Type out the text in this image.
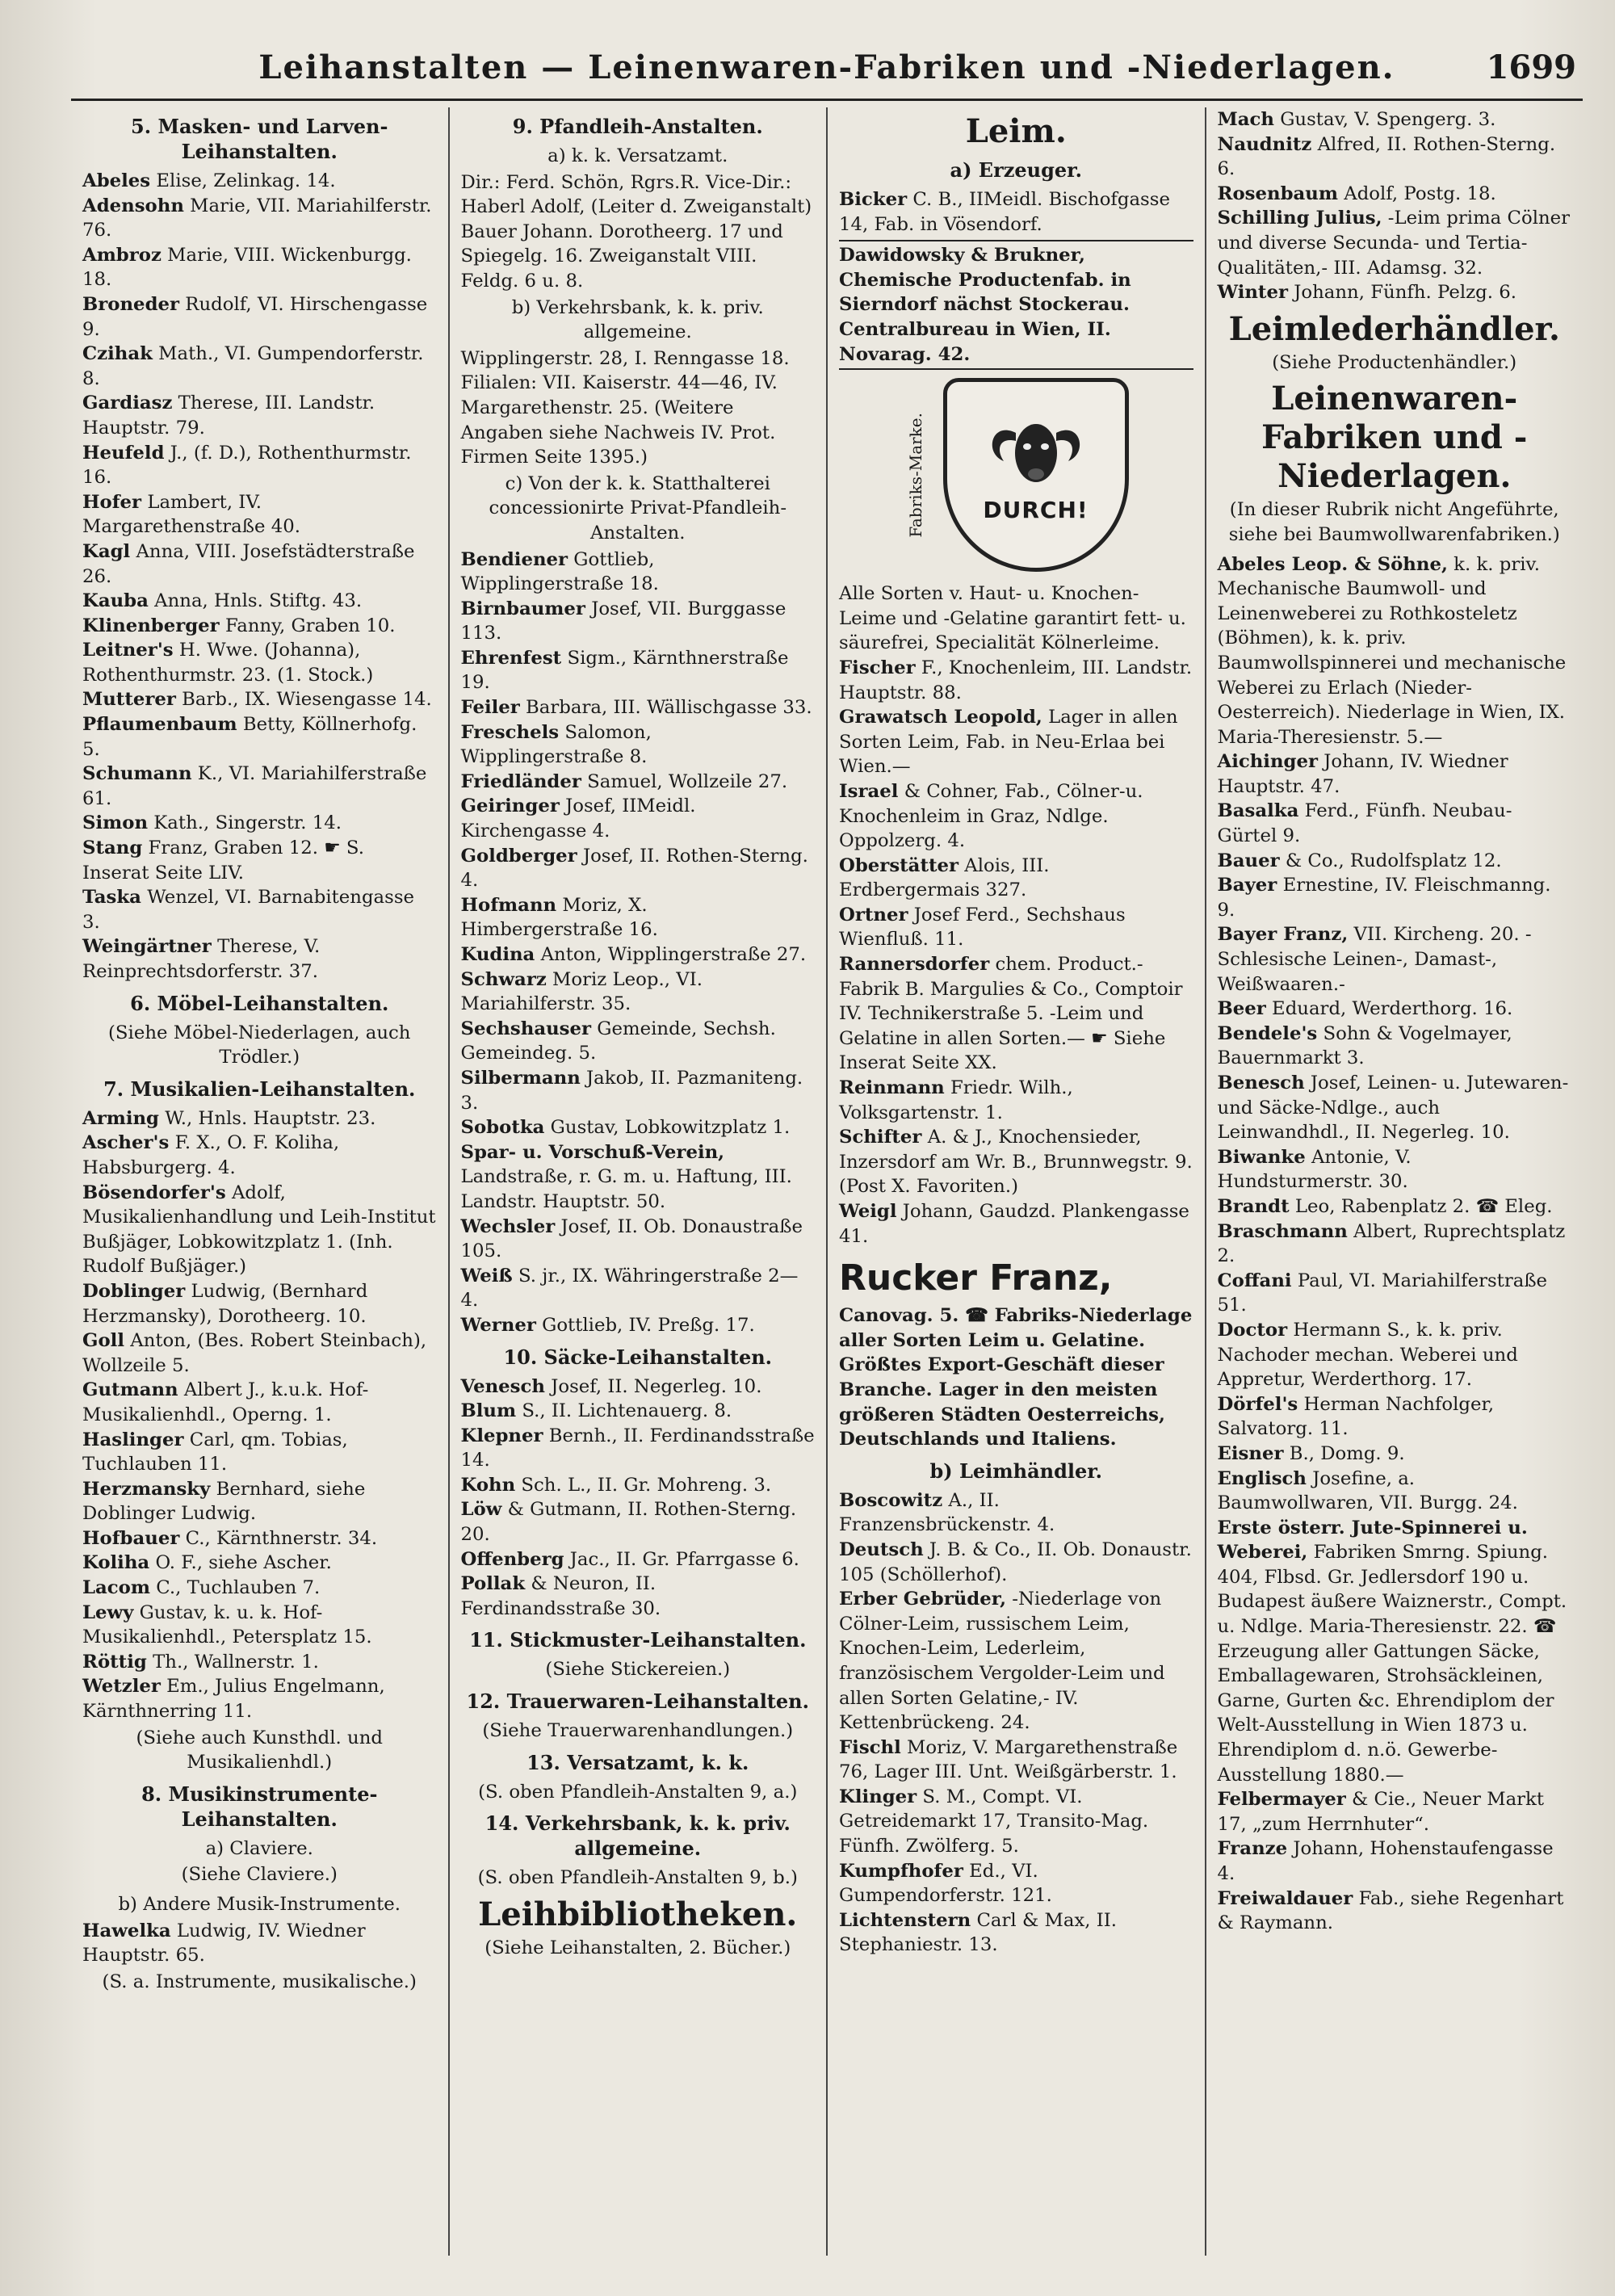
Leihanstalten — Leinenwaren-Fabriken und -Niederlagen.	1699
5. Masken- und Larven-Leihanstalten.
Abeles Elise, Zelinkag. 14.
Adensohn Marie, VII. Mariahilferstr. 76.
Ambroz Marie, VIII. Wickenburgg. 18.
Broneder Rudolf, VI. Hirschengasse 9.
Czihak Math., VI. Gumpendorferstr. 8.
Gardiasz Therese, III. Landstr. Hauptstr. 79.
Heufeld J., (f. D.), Rothenthurmstr. 16.
Hofer Lambert, IV. Margarethenstraße 40.
Kagl Anna, VIII. Josefstädterstraße 26.
Kauba Anna, Hnls. Stiftg. 43.
Klinenberger Fanny, Graben 10.
Leitner's H. Wwe. (Johanna), Rothenthurmstr. 23. (1. Stock.)
Mutterer Barb., IX. Wiesengasse 14.
Pflaumenbaum Betty, Köllnerhofg. 5.
Schumann K., VI. Mariahilferstraße 61.
Simon Kath., Singerstr. 14.
Stang Franz, Graben 12. ☛ S. Inserat Seite LIV.
Taska Wenzel, VI. Barnabitengasse 3.
Weingärtner Therese, V. Reinprechtsdorferstr. 37.
6. Möbel-Leihanstalten.
(Siehe Möbel-Niederlagen, auch Trödler.)
7. Musikalien-Leihanstalten.
Arming W., Hnls. Hauptstr. 23.
Ascher's F. X., O. F. Koliha, Habsburgerg. 4.
Bösendorfer's Adolf, Musikalienhandlung und Leih-Institut Bußjäger, Lobkowitzplatz 1. (Inh. Rudolf Bußjäger.)
Doblinger Ludwig, (Bernhard Herzmansky), Dorotheerg. 10.
Goll Anton, (Bes. Robert Steinbach), Wollzeile 5.
Gutmann Albert J., k.u.k. Hof-Musikalienhdl., Operng. 1.
Haslinger Carl, qm. Tobias, Tuchlauben 11.
Herzmansky Bernhard, siehe Doblinger Ludwig.
Hofbauer C., Kärnthnerstr. 34.
Koliha O. F., siehe Ascher.
Lacom C., Tuchlauben 7.
Lewy Gustav, k. u. k. Hof-Musikalienhdl., Petersplatz 15.
Röttig Th., Wallnerstr. 1.
Wetzler Em., Julius Engelmann, Kärnthnerring 11.
(Siehe auch Kunsthdl. und Musikalienhdl.)
8. Musikinstrumente-Leihanstalten.
a) Claviere.
(Siehe Claviere.)
b) Andere Musik-Instrumente.
Hawelka Ludwig, IV. Wiedner Hauptstr. 65.
(S. a. Instrumente, musikalische.)
9. Pfandleih-Anstalten.
a) k. k. Versatzamt.
Dir.: Ferd. Schön, Rgrs.R. Vice-Dir.: Haberl Adolf, (Leiter d. Zweiganstalt) Bauer Johann. Dorotheerg. 17 und Spiegelg. 16. Zweiganstalt VIII. Feldg. 6 u. 8.
b) Verkehrsbank, k. k. priv. allgemeine.
Wipplingerstr. 28, I. Renngasse 18. Filialen: VII. Kaiserstr. 44—46, IV. Margarethenstr. 25. (Weitere Angaben siehe Nachweis IV. Prot. Firmen Seite 1395.)
c) Von der k. k. Statthalterei concessionirte Privat-Pfandleih-Anstalten.
Bendiener Gottlieb, Wipplingerstraße 18.
Birnbaumer Josef, VII. Burggasse 113.
Ehrenfest Sigm., Kärnthnerstraße 19.
Feiler Barbara, III. Wällischgasse 33.
Freschels Salomon, Wipplingerstraße 8.
Friedländer Samuel, Wollzeile 27.
Geiringer Josef, IIMeidl. Kirchengasse 4.
Goldberger Josef, II. Rothen-Sterng. 4.
Hofmann Moriz, X. Himbergerstraße 16.
Kudina Anton, Wipplingerstraße 27.
Schwarz Moriz Leop., VI. Mariahilferstr. 35.
Sechshauser Gemeinde, Sechsh. Gemeindeg. 5.
Silbermann Jakob, II. Pazmaniteng. 3.
Sobotka Gustav, Lobkowitzplatz 1.
Spar- u. Vorschuß-Verein, Landstraße, r. G. m. u. Haftung, III. Landstr. Hauptstr. 50.
Wechsler Josef, II. Ob. Donaustraße 105.
Weiß S. jr., IX. Währingerstraße 2—4.
Werner Gottlieb, IV. Preßg. 17.
10. Säcke-Leihanstalten.
Venesch Josef, II. Negerleg. 10.
Blum S., II. Lichtenauerg. 8.
Klepner Bernh., II. Ferdinandsstraße 14.
Kohn Sch. L., II. Gr. Mohreng. 3.
Löw & Gutmann, II. Rothen-Sterng. 20.
Offenberg Jac., II. Gr. Pfarrgasse 6.
Pollak & Neuron, II. Ferdinandsstraße 30.
11. Stickmuster-Leihanstalten.
(Siehe Stickereien.)
12. Trauerwaren-Leihanstalten.
(Siehe Trauerwarenhandlungen.)
13. Versatzamt, k. k.
(S. oben Pfandleih-Anstalten 9, a.)
14. Verkehrsbank, k. k. priv. allgemeine.
(S. oben Pfandleih-Anstalten 9, b.)
Leihbibliotheken.
(Siehe Leihanstalten, 2. Bücher.)
Leim.
a) Erzeuger.
Bicker C. B., IIMeidl. Bischofgasse 14, Fab. in Vösendorf.
Dawidowsky & Brukner, Chemische Productenfab. in Sierndorf nächst Stockerau. Centralbureau in Wien, II. Novarag. 42.
Fabriks-Marke.	DURCH!
Alle Sorten v. Haut- u. Knochen-Leime und -Gelatine garantirt fett- u. säurefrei, Specialität Kölnerleime.
Fischer F., Knochenleim, III. Landstr. Hauptstr. 88.
Grawatsch Leopold, Lager in allen Sorten Leim, Fab. in Neu-Erlaa bei Wien.—
Israel & Cohner, Fab., Cölner-u. Knochenleim in Graz, Ndlge. Oppolzerg. 4.
Oberstätter Alois, III. Erdbergermais 327.
Ortner Josef Ferd., Sechshaus Wienfluß. 11.
Rannersdorfer chem. Product.-Fabrik B. Margulies & Co., Comptoir IV. Technikerstraße 5. -Leim und Gelatine in allen Sorten.— ☛ Siehe Inserat Seite XX.
Reinmann Friedr. Wilh., Volksgartenstr. 1.
Schifter A. & J., Knochensieder, Inzersdorf am Wr. B., Brunnwegstr. 9. (Post X. Favoriten.)
Weigl Johann, Gaudzd. Plankengasse 41.
Rucker Franz,
Canovag. 5. ☎ Fabriks-Niederlage aller Sorten Leim u. Gelatine. Größtes Export-Geschäft dieser Branche. Lager in den meisten größeren Städten Oesterreichs, Deutschlands und Italiens.
b) Leimhändler.
Boscowitz A., II. Franzensbrückenstr. 4.
Deutsch J. B. & Co., II. Ob. Donaustr. 105 (Schöllerhof).
Erber Gebrüder, -Niederlage von Cölner-Leim, russischem Leim, Knochen-Leim, Lederleim, französischem Vergolder-Leim und allen Sorten Gelatine,- IV. Kettenbrückeng. 24.
Fischl Moriz, V. Margarethenstraße 76, Lager III. Unt. Weißgärberstr. 1.
Klinger S. M., Compt. VI. Getreidemarkt 17, Transito-Mag. Fünfh. Zwölferg. 5.
Kumpfhofer Ed., VI. Gumpendorferstr. 121.
Lichtenstern Carl & Max, II. Stephaniestr. 13.
Mach Gustav, V. Spengerg. 3.
Naudnitz Alfred, II. Rothen-Sterng. 6.
Rosenbaum Adolf, Postg. 18.
Schilling Julius, -Leim prima Cölner und diverse Secunda- und Tertia-Qualitäten,- III. Adamsg. 32.
Winter Johann, Fünfh. Pelzg. 6.
Leimlederhändler.
(Siehe Productenhändler.)
Leinenwaren-Fabriken und -Niederlagen.
(In dieser Rubrik nicht Angeführte, siehe bei Baumwollwarenfabriken.)
Abeles Leop. & Söhne, k. k. priv. Mechanische Baumwoll- und Leinenweberei zu Rothkosteletz (Böhmen), k. k. priv. Baumwollspinnerei und mechanische Weberei zu Erlach (Nieder-Oesterreich). Niederlage in Wien, IX. Maria-Theresienstr. 5.—
Aichinger Johann, IV. Wiedner Hauptstr. 47.
Basalka Ferd., Fünfh. Neubau-Gürtel 9.
Bauer & Co., Rudolfsplatz 12.
Bayer Ernestine, IV. Fleischmanng. 9.
Bayer Franz, VII. Kircheng. 20. -Schlesische Leinen-, Damast-, Weißwaaren.-
Beer Eduard, Werderthorg. 16.
Bendele's Sohn & Vogelmayer, Bauernmarkt 3.
Benesch Josef, Leinen- u. Jutewaren- und Säcke-Ndlge., auch Leinwandhdl., II. Negerleg. 10.
Biwanke Antonie, V. Hundsturmerstr. 30.
Brandt Leo, Rabenplatz 2. ☎ Eleg.
Braschmann Albert, Ruprechtsplatz 2.
Coffani Paul, VI. Mariahilferstraße 51.
Doctor Hermann S., k. k. priv. Nachoder mechan. Weberei und Appretur, Werderthorg. 17.
Dörfel's Herman Nachfolger, Salvatorg. 11.
Eisner B., Domg. 9.
Englisch Josefine, a. Baumwollwaren, VII. Burgg. 24.
Erste österr. Jute-Spinnerei u. Weberei, Fabriken Smrng. Spiung. 404, Flbsd. Gr. Jedlersdorf 190 u. Budapest äußere Waiznerstr., Compt. u. Ndlge. Maria-Theresienstr. 22. ☎ Erzeugung aller Gattungen Säcke, Emballagewaren, Strohsäckleinen, Garne, Gurten &c. Ehrendiplom der Welt-Ausstellung in Wien 1873 u. Ehrendiplom d. n.ö. Gewerbe-Ausstellung 1880.—
Felbermayer & Cie., Neuer Markt 17, „zum Herrnhuter“.
Franze Johann, Hohenstaufengasse 4.
Freiwaldauer Fab., siehe Regenhart & Raymann.
